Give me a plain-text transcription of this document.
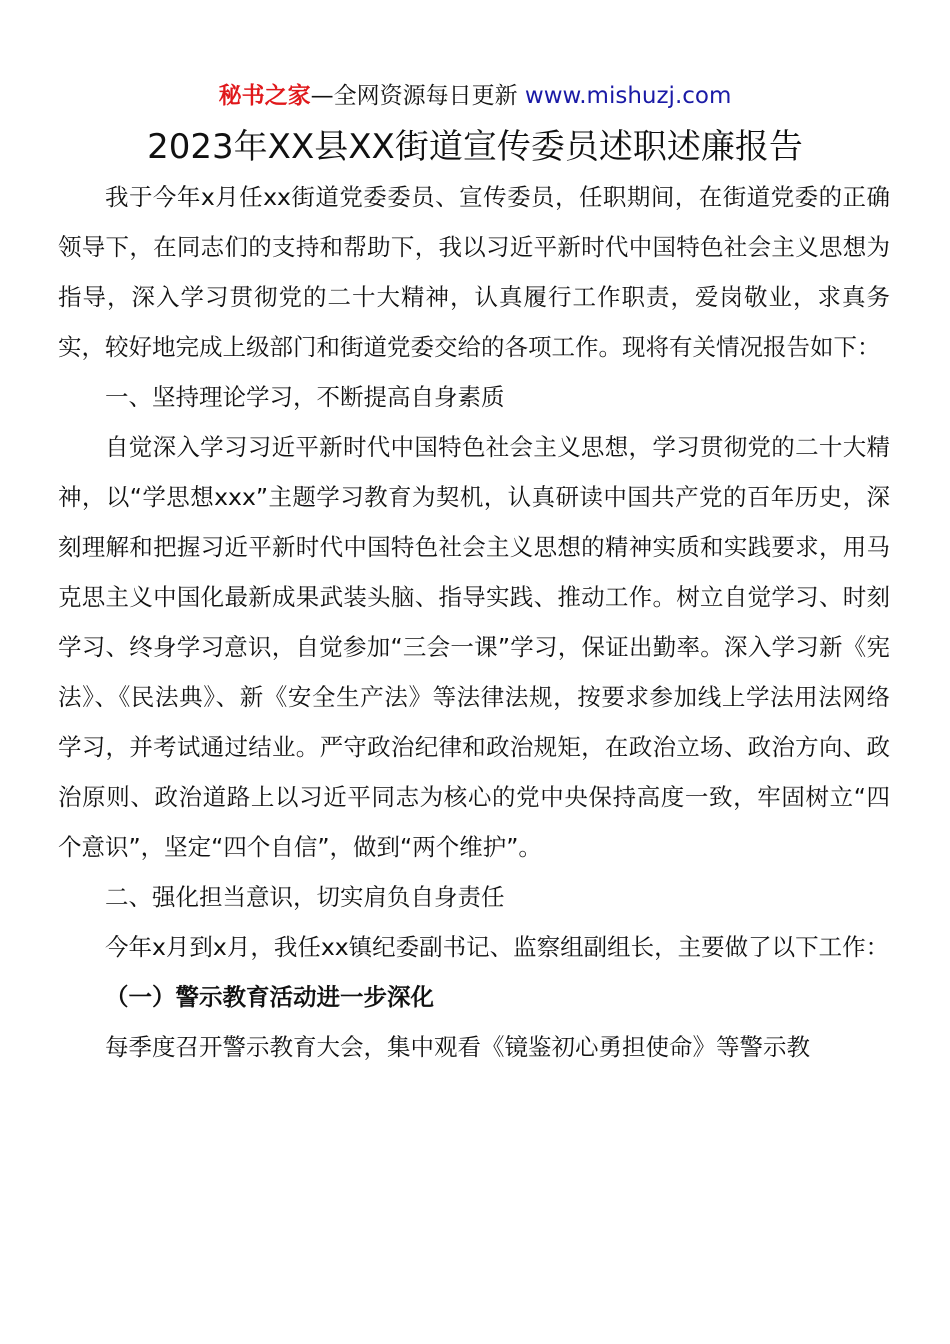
秘书之家—全网资源每日更新 www.mishuzj.com
2023年XX县XX街道宣传委员述职述廉报告

我于今年x月任xx街道党委委员、宣传委员，任职期间，在街道党委的正确领导下，在同志们的支持和帮助下，我以习近平新时代中国特色社会主义思想为指导，深入学习贯彻党的二十大精神，认真履行工作职责，爱岗敬业，求真务实，较好地完成上级部门和街道党委交给的各项工作。现将有关情况报告如下：

一、坚持理论学习，不断提高自身素质

自觉深入学习习近平新时代中国特色社会主义思想，学习贯彻党的二十大精神，以“学思想xxx”主题学习教育为契机，认真研读中国共产党的百年历史，深刻理解和把握习近平新时代中国特色社会主义思想的精神实质和实践要求，用马克思主义中国化最新成果武装头脑、指导实践、推动工作。树立自觉学习、时刻学习、终身学习意识，自觉参加“三会一课”学习，保证出勤率。深入学习新《宪法》、《民法典》、新《安全生产法》等法律法规，按要求参加线上学法用法网络学习，并考试通过结业。严守政治纪律和政治规矩，在政治立场、政治方向、政治原则、政治道路上以习近平同志为核心的党中央保持高度一致，牢固树立“四个意识”，坚定“四个自信”，做到“两个维护”。

二、强化担当意识，切实肩负自身责任

今年x月到x月，我任xx镇纪委副书记、监察组副组长，主要做了以下工作：

（一）警示教育活动进一步深化

每季度召开警示教育大会，集中观看《镜鉴初心勇担使命》等警示教
